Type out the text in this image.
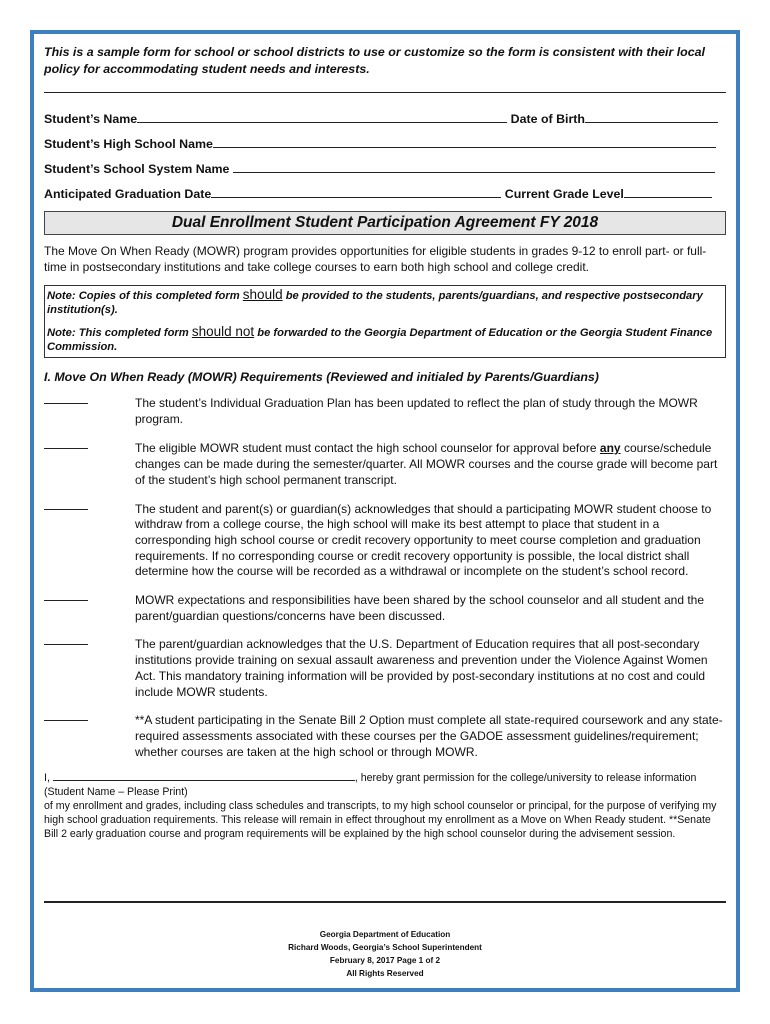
This is a sample form for school or school districts to use or customize so the form is consistent with their local policy for accommodating student needs and interests.

Student’s Name	Date of Birth
Student’s High School Name
Student’s School System Name
Anticipated Graduation Date	Current Grade Level
Dual Enrollment Student Participation Agreement FY 2018
The Move On When Ready (MOWR) program provides opportunities for eligible students in grades 9-12 to enroll part- or full-time in postsecondary institutions and take college courses to earn both high school and college credit.

Note: Copies of this completed form should be provided to the students, parents/guardians, and respective postsecondary institution(s).

Note: This completed form should not be forwarded to the Georgia Department of Education or the Georgia Student Finance Commission.

I. Move On When Ready (MOWR) Requirements (Reviewed and initialed by Parents/Guardians)
The student’s Individual Graduation Plan has been updated to reflect the plan of study through the MOWR program.
The eligible MOWR student must contact the high school counselor for approval before any course/schedule changes can be made during the semester/quarter. All MOWR courses and the course grade will become part of the student’s high school permanent transcript.
The student and parent(s) or guardian(s) acknowledges that should a participating MOWR student choose to withdraw from a college course, the high school will make its best attempt to place that student in a corresponding high school course or credit recovery opportunity to meet course completion and graduation requirements. If no corresponding course or credit recovery opportunity is possible, the local district shall determine how the course will be recorded as a withdrawal or incomplete on the student’s school record.
MOWR expectations and responsibilities have been shared by the school counselor and all student and the parent/guardian questions/concerns have been discussed.
The parent/guardian acknowledges that the U.S. Department of Education requires that all post-secondary institutions provide training on sexual assault awareness and prevention under the Violence Against Women Act. This mandatory training information will be provided by post-secondary institutions at no cost and could include MOWR students.
**A student participating in the Senate Bill 2 Option must complete all state-required coursework and any state-required assessments associated with these courses per the GADOE assessment guidelines/requirement; whether courses are taken at the high school or through MOWR.
I,	, hereby grant permission for the college/university to release information
(Student Name – Please Print)
of my enrollment and grades, including class schedules and transcripts, to my high school counselor or principal, for the purpose of verifying my high school graduation requirements. This release will remain in effect throughout my enrollment as a Move on When Ready student. **Senate Bill 2 early graduation course and program requirements will be explained by the high school counselor during the advisement session.
Georgia Department of Education
Richard Woods, Georgia’s School Superintendent
February 8, 2017 Page 1 of 2
All Rights Reserved
